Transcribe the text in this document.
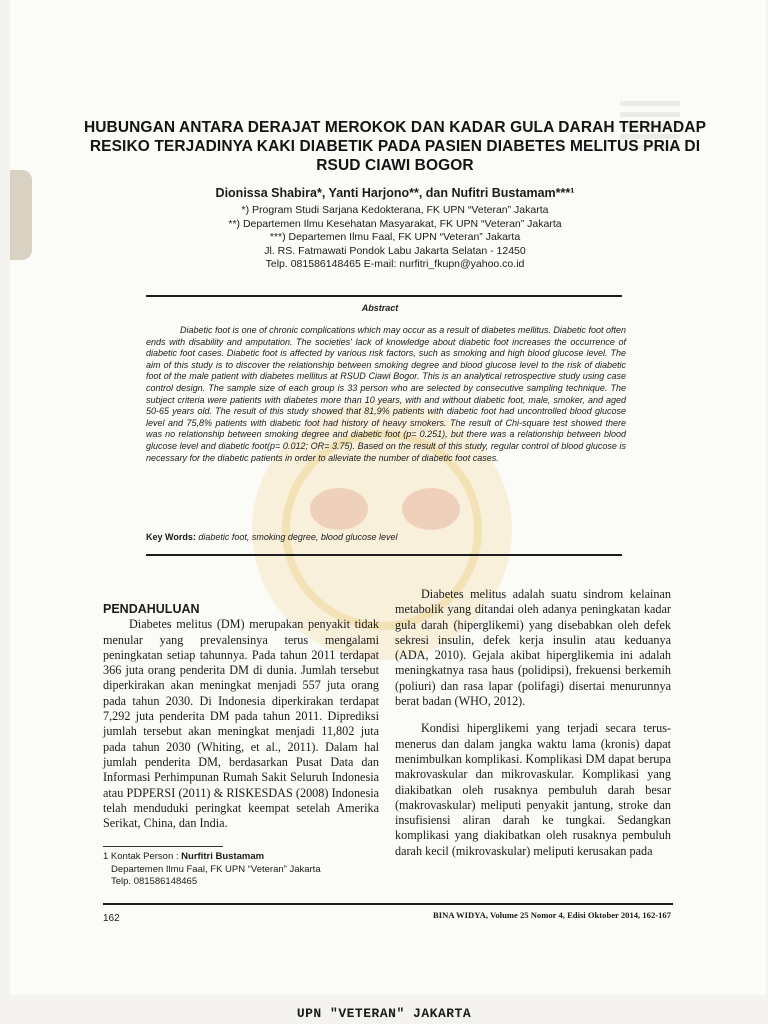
HUBUNGAN ANTARA DERAJAT MEROKOK DAN KADAR GULA DARAH TERHADAP RESIKO TERJADINYA KAKI DIABETIK PADA PASIEN DIABETES MELITUS PRIA DI RSUD CIAWI BOGOR

Dionissa Shabira*, Yanti Harjono**, dan Nufitri Bustamam***¹

*) Program Studi Sarjana Kedokterana, FK UPN “Veteran” Jakarta
**) Departemen Ilmu Kesehatan Masyarakat, FK UPN “Veteran” Jakarta
***) Departemen Ilmu Faal, FK UPN “Veteran” Jakarta
Jl. RS. Fatmawati Pondok Labu Jakarta Selatan - 12450
Telp. 081586148465 E-mail: nurfitri_fkupn@yahoo.co.id
Abstract

Diabetic foot is one of chronic complications which may occur as a result of diabetes mellitus. Diabetic foot often ends with disability and amputation. The societies' lack of knowledge about diabetic foot increases the occurrence of diabetic foot cases. Diabetic foot is affected by various risk factors, such as smoking and high blood glucose level. The aim of this study is to discover the relationship between smoking degree and blood glucose level to the risk of diabetic foot of the male patient with diabetes mellitus at RSUD Ciawi Bogor. This is an analytical retrospective study using case control design. The sample size of each group is 33 person who are selected by consecutive sampling technique. The subject criteria were patients with diabetes more than 10 years, with and without diabetic foot, male, smoker, and aged 50-65 years old. The result of this study showed that 81,9% patients with diabetic foot had uncontrolled blood glucose level and 75,8% patients with diabetic foot had history of heavy smokers. The result of Chi-square test showed there was no relationship between smoking degree and diabetic foot (p= 0.251), but there was a relationship between blood glucose level and diabetic foot(p= 0.012; OR= 3.75). Based on the result of this study, regular control of blood glucose is necessary for the diabetic patients in order to alleviate the number of diabetic foot cases.

Key Words: diabetic foot, smoking degree, blood glucose level

PENDAHULUAN

Diabetes melitus (DM) merupakan penyakit tidak menular yang prevalensinya terus mengalami peningkatan setiap tahunnya. Pada tahun 2011 terdapat 366 juta orang penderita DM di dunia. Jumlah tersebut diperkirakan akan meningkat menjadi 557 juta orang pada tahun 2030. Di Indonesia diperkirakan terdapat 7,292 juta penderita DM pada tahun 2011. Diprediksi jumlah tersebut akan meningkat menjadi 11,802 juta pada tahun 2030 (Whiting, et al., 2011). Dalam hal jumlah penderita DM, berdasarkan Pusat Data dan Informasi Perhimpunan Rumah Sakit Seluruh Indonesia atau PDPERSI (2011) & RISKESDAS (2008) Indonesia telah menduduki peringkat keempat setelah Amerika Serikat, China, dan India.

Diabetes melitus adalah suatu sindrom kelainan metabolik yang ditandai oleh adanya peningkatan kadar gula darah (hiperglikemi) yang disebabkan oleh defek sekresi insulin, defek kerja insulin atau keduanya (ADA, 2010). Gejala akibat hiperglikemia ini adalah meningkatnya rasa haus (polidipsi), frekuensi berkemih (poliuri) dan rasa lapar (polifagi) disertai menurunnya berat badan (WHO, 2012).

Kondisi hiperglikemi yang terjadi secara terus-menerus dan dalam jangka waktu lama (kronis) dapat menimbulkan komplikasi. Komplikasi DM dapat berupa makrovaskular dan mikrovaskular. Komplikasi yang diakibatkan oleh rusaknya pembuluh darah besar (makrovaskular) meliputi penyakit jantung, stroke dan insufisiensi aliran darah ke tungkai. Sedangkan komplikasi yang diakibatkan oleh rusaknya pembuluh darah kecil (mikrovaskular) meliputi kerusakan pada

1 Kontak Person : Nurfitri Bustamam
Departemen Ilmu Faal, FK UPN “Veteran” Jakarta
Telp. 081586148465
162	BINA WIDYA, Volume 25 Nomor 4, Edisi Oktober 2014, 162-167
UPN "VETERAN" JAKARTA
